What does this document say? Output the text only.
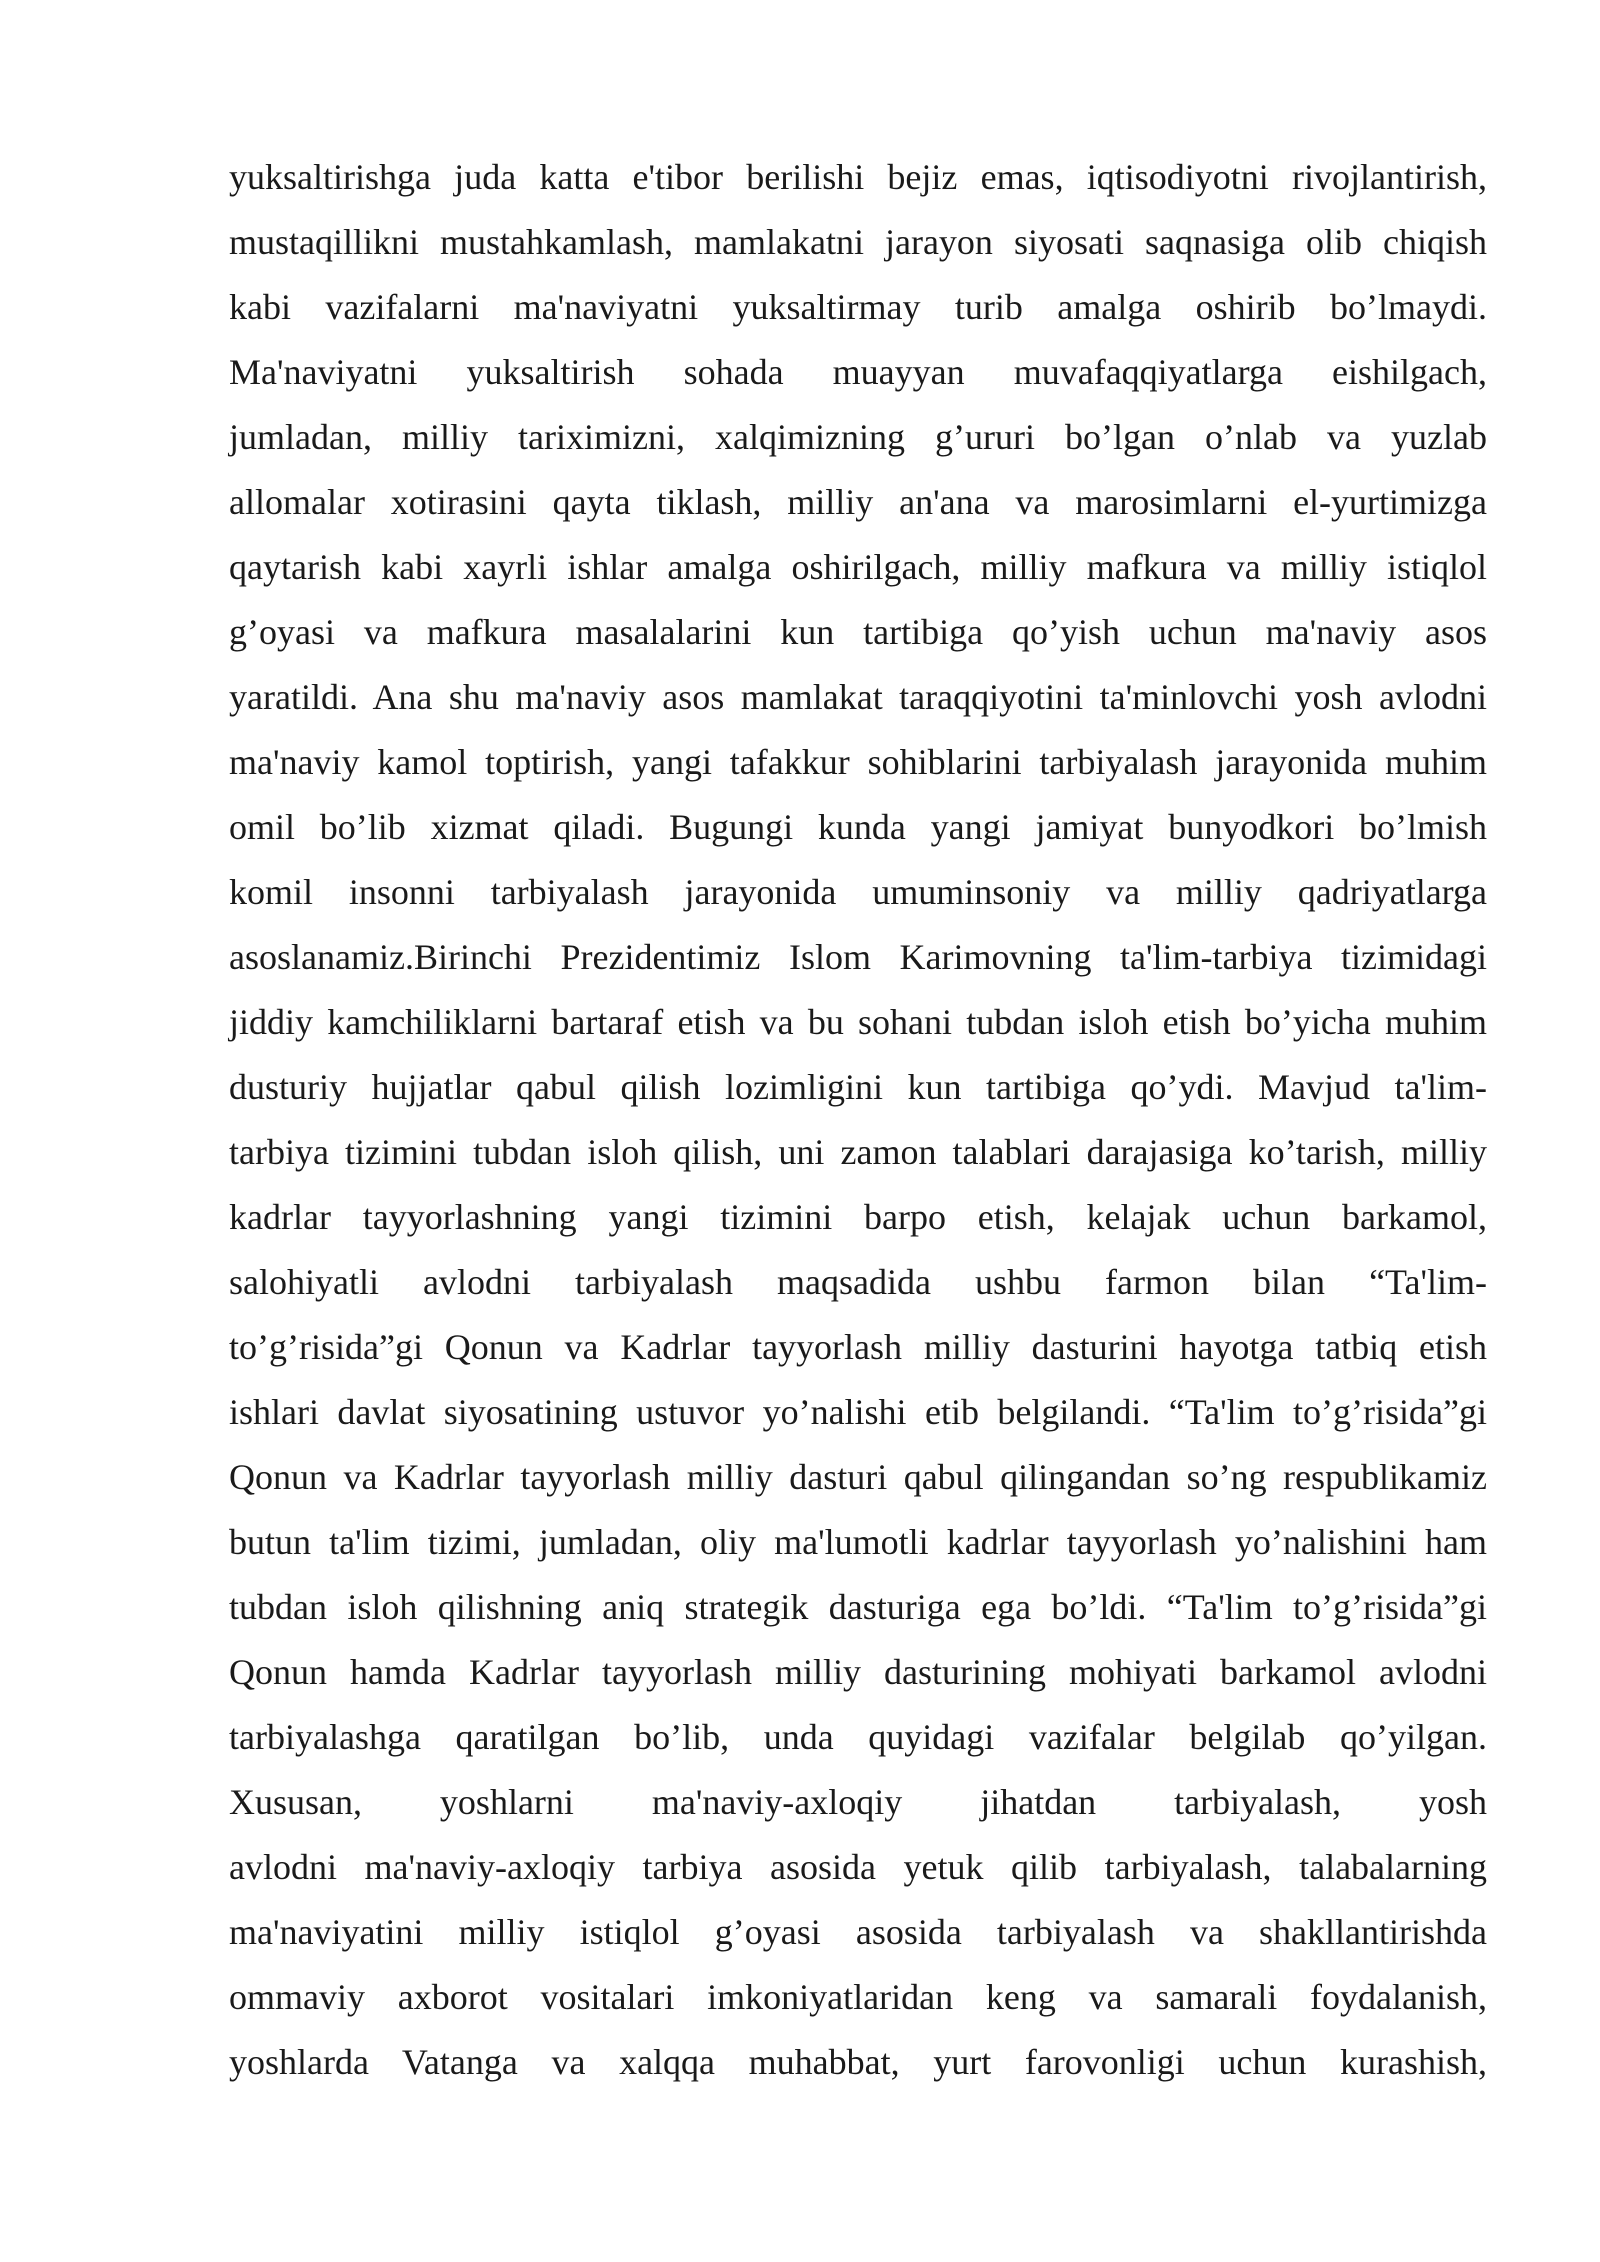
yuksaltirishga juda katta e'tibor berilishi bejiz emas, iqtisodiyotni rivojlantirish,
mustaqillikni mustahkamlash, mamlakatni jarayon siyosati saqnasiga olib chiqish
kabi vazifalarni ma'naviyatni yuksaltirmay turib amalga oshirib bo’lmaydi.
Ma'naviyatni yuksaltirish sohada muayyan muvafaqqiyatlarga eishilgach,
jumladan, milliy tariximizni, xalqimizning g’ururi bo’lgan o’nlab va yuzlab
allomalar xotirasini qayta tiklash, milliy an'ana va marosimlarni el-yurtimizga
qaytarish kabi xayrli ishlar amalga oshirilgach, milliy mafkura va milliy istiqlol
g’oyasi va mafkura masalalarini kun tartibiga qo’yish uchun ma'naviy asos
yaratildi. Ana shu ma'naviy asos mamlakat taraqqiyotini ta'minlovchi yosh avlodni
ma'naviy kamol toptirish, yangi tafakkur sohiblarini tarbiyalash jarayonida muhim
omil bo’lib xizmat qiladi. Bugungi kunda yangi jamiyat bunyodkori bo’lmish
komil insonni tarbiyalash jarayonida umuminsoniy va milliy qadriyatlarga
asoslanamiz.Birinchi Prezidentimiz Islom Karimovning ta'lim-tarbiya tizimidagi
jiddiy kamchiliklarni bartaraf etish va bu sohani tubdan isloh etish bo’yicha muhim
dusturiy hujjatlar qabul qilish lozimligini kun tartibiga qo’ydi. Mavjud ta'lim-
tarbiya tizimini tubdan isloh qilish, uni zamon talablari darajasiga ko’tarish, milliy
kadrlar tayyorlashning yangi tizimini barpo etish, kelajak uchun barkamol,
salohiyatli avlodni tarbiyalash maqsadida ushbu farmon bilan “Ta'lim-
to’g’risida”gi Qonun va Kadrlar tayyorlash milliy dasturini hayotga tatbiq etish
ishlari davlat siyosatining ustuvor yo’nalishi etib belgilandi. “Ta'lim to’g’risida”gi
Qonun va Kadrlar tayyorlash milliy dasturi qabul qilingandan so’ng respublikamiz
butun ta'lim tizimi, jumladan, oliy ma'lumotli kadrlar tayyorlash yo’nalishini ham
tubdan isloh qilishning aniq strategik dasturiga ega bo’ldi. “Ta'lim to’g’risida”gi
Qonun hamda Kadrlar tayyorlash milliy dasturining mohiyati barkamol avlodni
tarbiyalashga qaratilgan bo’lib, unda quyidagi vazifalar belgilab qo’yilgan.
Xususan, yoshlarni ma'naviy-axloqiy jihatdan tarbiyalash, yosh
avlodni ma'naviy-axloqiy tarbiya asosida yetuk qilib tarbiyalash, talabalarning
ma'naviyatini milliy istiqlol g’oyasi asosida tarbiyalash va shakllantirishda
ommaviy axborot vositalari imkoniyatlaridan keng va samarali foydalanish,
yoshlarda Vatanga va xalqqa muhabbat, yurt farovonligi uchun kurashish,
